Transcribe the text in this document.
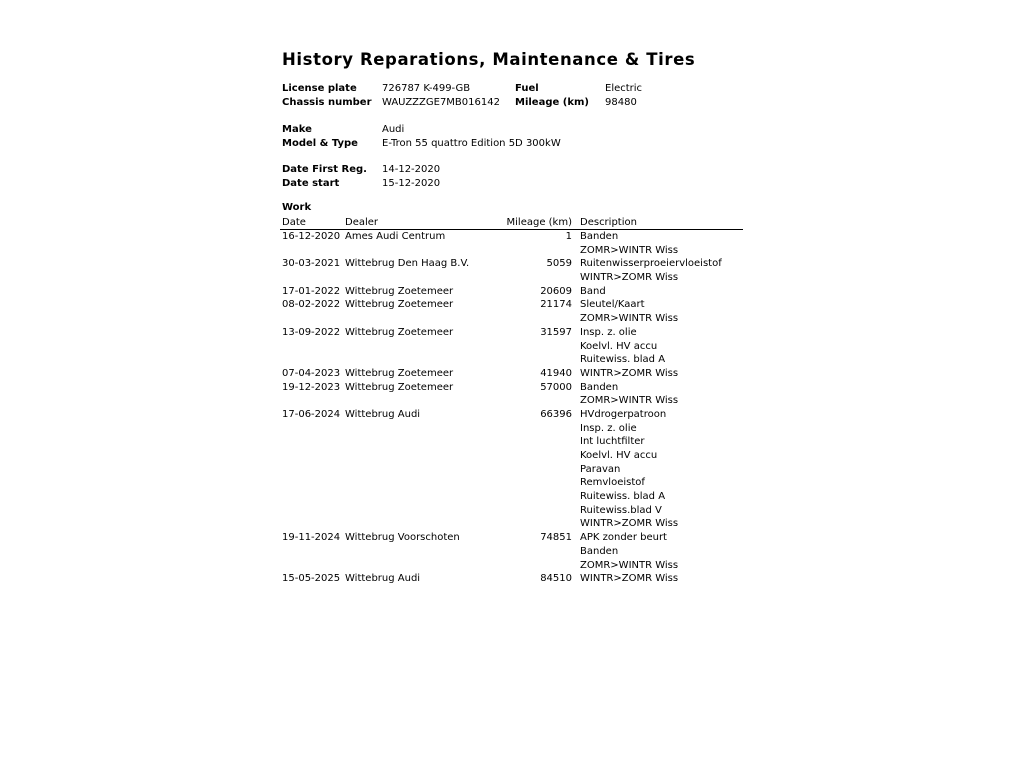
History Reparations, Maintenance & Tires
License plate	726787 K-499-GB	Fuel	Electric
Chassis number WAUZZZGE7MB016142 Mileage (km) 98480
Make	Audi
Model & Type E-Tron 55 quattro Edition 5D 300kW
Date First Reg. 14-12-2020
Date start	15-12-2020
Work
Date	Dealer	Mileage (km) Description
16-12-2020 Ames Audi Centrum	1 Banden
ZOMR>WINTR Wiss
30-03-2021 Wittebrug Den Haag B.V.	5059 Ruitenwisserproeiervloeistof
WINTR>ZOMR Wiss
17-01-2022 Wittebrug Zoetemeer	20609 Band
08-02-2022 Wittebrug Zoetemeer	21174 Sleutel/Kaart
ZOMR>WINTR Wiss
13-09-2022 Wittebrug Zoetemeer	31597 Insp. z. olie
Koelvl. HV accu
Ruitewiss. blad A
07-04-2023 Wittebrug Zoetemeer	41940 WINTR>ZOMR Wiss
19-12-2023 Wittebrug Zoetemeer	57000 Banden
ZOMR>WINTR Wiss
17-06-2024 Wittebrug Audi	66396 HVdrogerpatroon
Insp. z. olie
Int luchtfilter
Koelvl. HV accu
Paravan
Remvloeistof
Ruitewiss. blad A
Ruitewiss.blad V
WINTR>ZOMR Wiss
19-11-2024 Wittebrug Voorschoten	74851 APK zonder beurt
Banden
ZOMR>WINTR Wiss
15-05-2025 Wittebrug Audi	84510 WINTR>ZOMR Wiss
